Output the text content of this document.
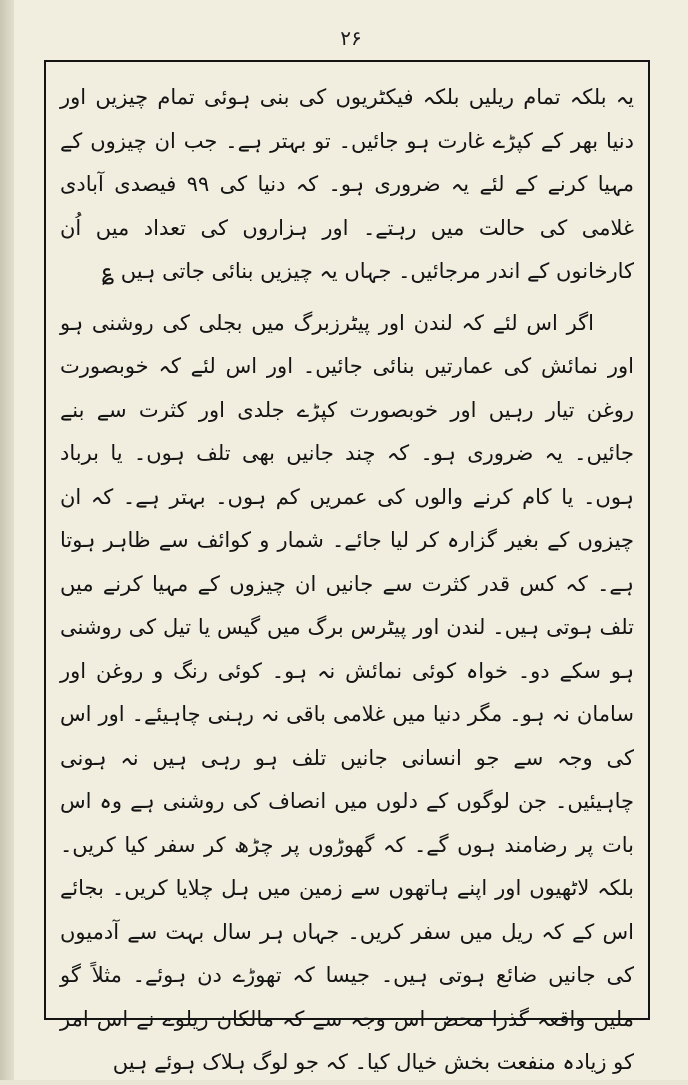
۲۶

یہ بلکہ تمام ریلیں بلکہ فیکٹریوں کی بنی ہوئی تمام چیزیں اور دنیا بھر کے کپڑے غارت ہو جائیں۔ تو بہتر ہے۔ جب ان چیزوں کے مہیا کرنے کے لئے یہ ضروری ہو۔ کہ دنیا کی ۹۹ فیصدی آبادی غلامی کی حالت میں رہتے۔ اور ہزاروں کی تعداد میں اُن کارخانوں کے اندر مرجائیں۔ جہاں یہ چیزیں بنائی جاتی ہیں ؏

اگر اس لئے کہ لندن اور پیٹرزبرگ میں بجلی کی روشنی ہو اور نمائش کی عمارتیں بنائی جائیں۔ اور اس لئے کہ خوبصورت روغن تیار رہیں اور خوبصورت کپڑے جلدی اور کثرت سے بنے جائیں۔ یہ ضروری ہو۔ کہ چند جانیں بھی تلف ہوں۔ یا برباد ہوں۔ یا کام کرنے والوں کی عمریں کم ہوں۔ بہتر ہے۔ کہ ان چیزوں کے بغیر گزارہ کر لیا جائے۔ شمار و کوائف سے ظاہر ہوتا ہے۔ کہ کس قدر کثرت سے جانیں ان چیزوں کے مہیا کرنے میں تلف ہوتی ہیں۔ لندن اور پیٹرس برگ میں گیس یا تیل کی روشنی ہو سکے دو۔ خواہ کوئی نمائش نہ ہو۔ کوئی رنگ و روغن اور سامان نہ ہو۔ مگر دنیا میں غلامی باقی نہ رہنی چاہیئے۔ اور اس کی وجہ سے جو انسانی جانیں تلف ہو رہی ہیں نہ ہونی چاہیئیں۔ جن لوگوں کے دلوں میں انصاف کی روشنی ہے وہ اس بات پر رضامند ہوں گے۔ کہ گھوڑوں پر چڑھ کر سفر کیا کریں۔ بلکہ لاٹھیوں اور اپنے ہاتھوں سے زمین میں ہل چلایا کریں۔ بجائے اس کے کہ ریل میں سفر کریں۔ جہاں ہر سال بہت سے آدمیوں کی جانیں ضائع ہوتی ہیں۔ جیسا کہ تھوڑے دن ہوئے۔ مثلاً گو ملیں واقعہ گذرا محض اس وجہ سے کہ مالکان ریلوے نے اس امر کو زیادہ منفعت بخش خیال کیا۔ کہ جو لوگ ہلاک ہوئے ہیں
